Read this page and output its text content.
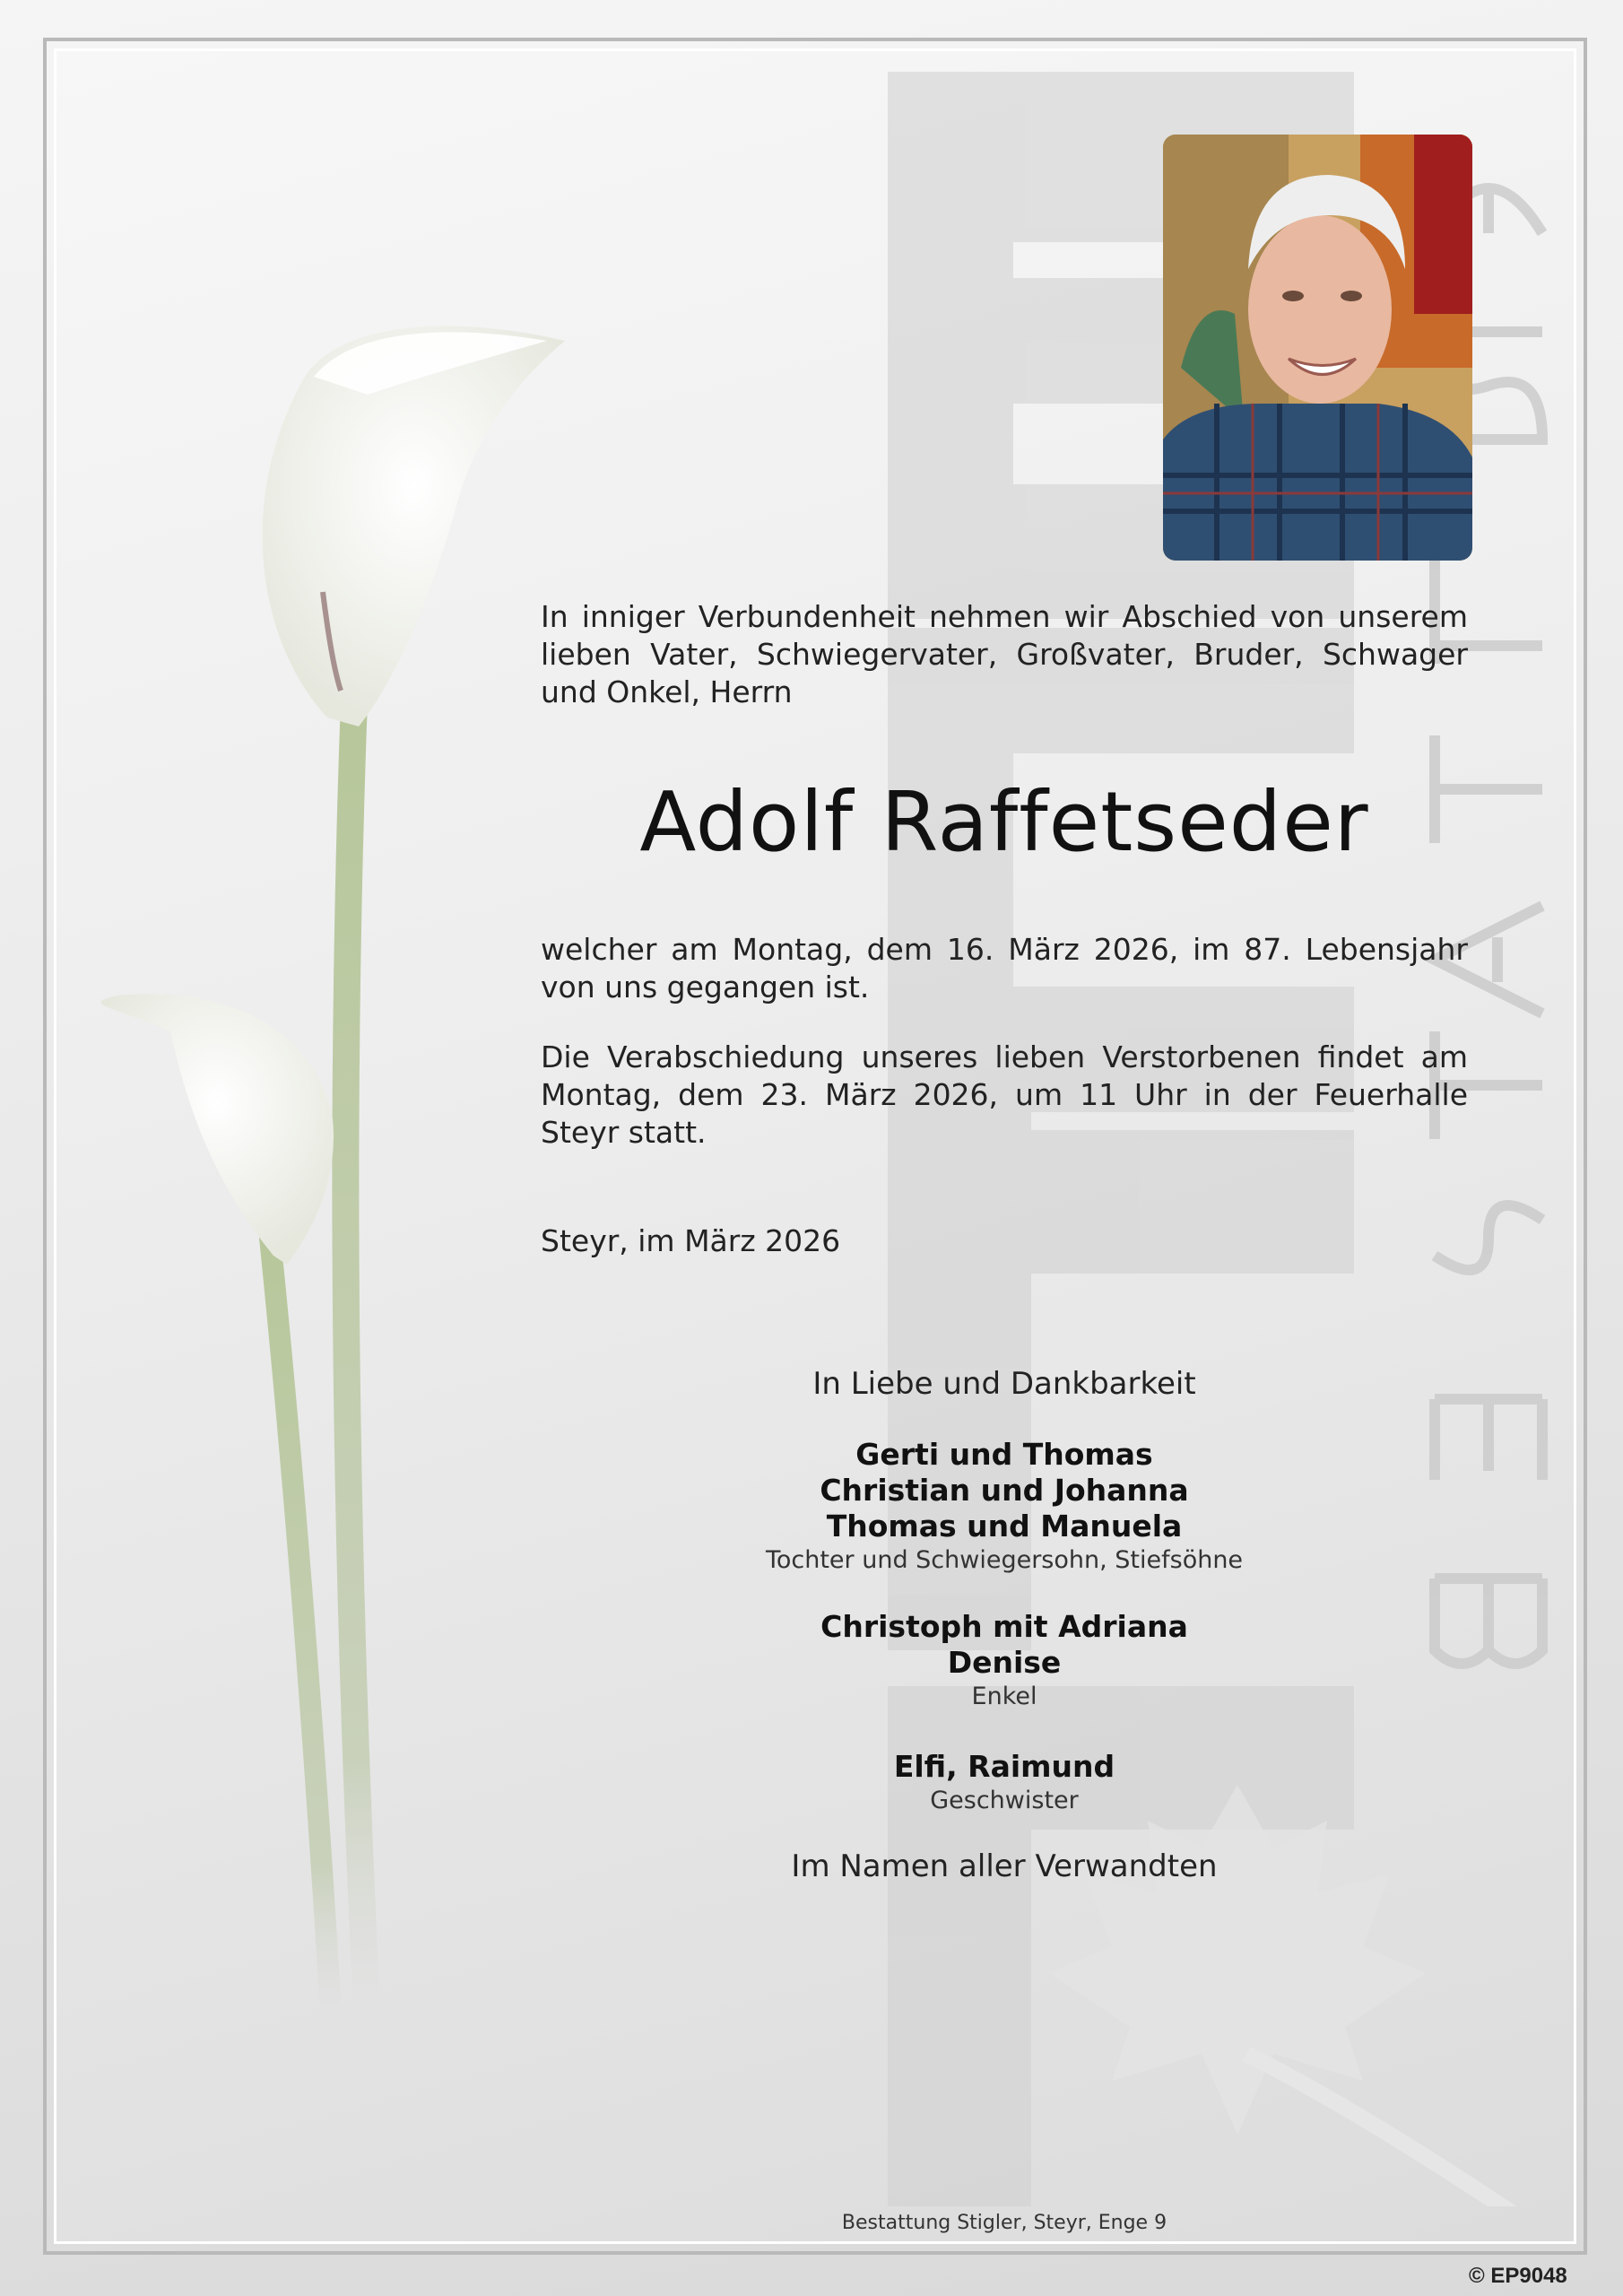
In inniger Verbundenheit nehmen wir Abschied von unserem lieben Vater, Schwiegervater, Großvater, Bruder, Schwager und Onkel, Herrn
Adolf Raffetseder
welcher am Montag, dem 16. März 2026, im 87. Lebensjahr von uns gegangen ist.
Die Verabschiedung unseres lieben Verstorbenen findet am Montag, dem 23. März 2026, um 11 Uhr in der Feuerhalle Steyr statt.
Steyr, im März 2026
In Liebe und Dankbarkeit
Gerti und Thomas
Christian und Johanna
Thomas und Manuela
Tochter und Schwiegersohn, Stiefsöhne
Christoph mit Adriana
Denise
Enkel
Elfi, Raimund
Geschwister
Im Namen aller Verwandten
Bestattung Stigler, Steyr, Enge 9
© EP9048
